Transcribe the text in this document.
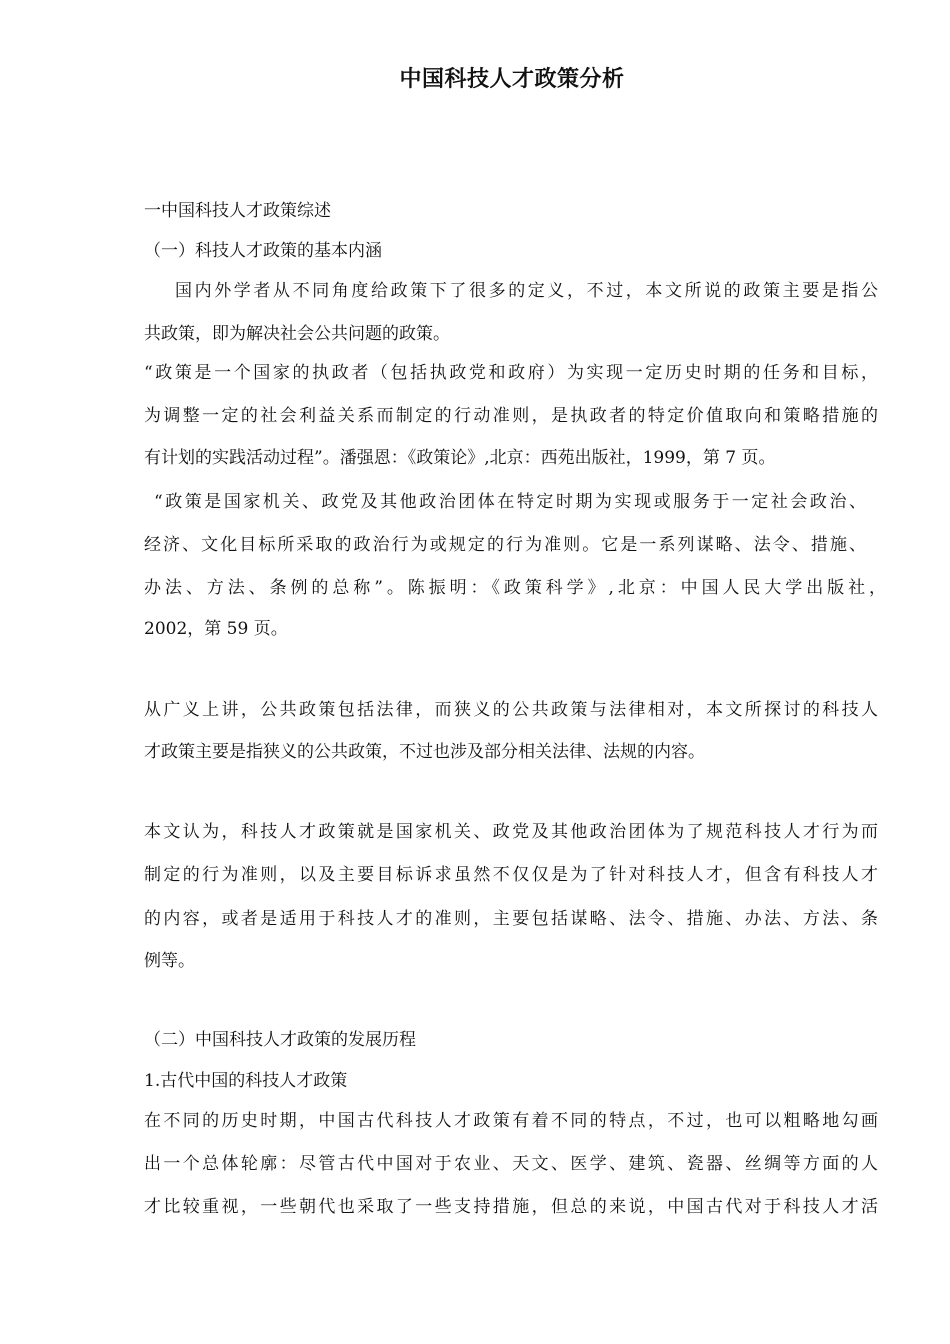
中国科技人才政策分析
一中国科技人才政策综述
（一）科技人才政策的基本内涵
国内外学者从不同角度给政策下了很多的定义，不过，本文所说的政策主要是指公
共政策，即为解决社会公共问题的政策。
“政策是一个国家的执政者（包括执政党和政府）为实现一定历史时期的任务和目标，
为调整一定的社会利益关系而制定的行动准则，是执政者的特定价值取向和策略措施的
有计划的实践活动过程”。潘强恩：《政策论》,北京：西苑出版社，1999，第 7 页。
“政策是国家机关、政党及其他政治团体在特定时期为实现或服务于一定社会政治、
经济、文化目标所采取的政治行为或规定的行为准则。它是一系列谋略、法令、措施、
办法、方法、条例的总称”。陈振明：《政策科学》,北京：中国人民大学出版社，
2002，第 59 页。
从广义上讲，公共政策包括法律，而狭义的公共政策与法律相对，本文所探讨的科技人
才政策主要是指狭义的公共政策，不过也涉及部分相关法律、法规的内容。
本文认为，科技人才政策就是国家机关、政党及其他政治团体为了规范科技人才行为而
制定的行为准则，以及主要目标诉求虽然不仅仅是为了针对科技人才，但含有科技人才
的内容，或者是适用于科技人才的准则，主要包括谋略、法令、措施、办法、方法、条
例等。
（二）中国科技人才政策的发展历程
1.古代中国的科技人才政策
在不同的历史时期，中国古代科技人才政策有着不同的特点，不过，也可以粗略地勾画
出一个总体轮廓：尽管古代中国对于农业、天文、医学、建筑、瓷器、丝绸等方面的人
才比较重视，一些朝代也采取了一些支持措施，但总的来说，中国古代对于科技人才活
